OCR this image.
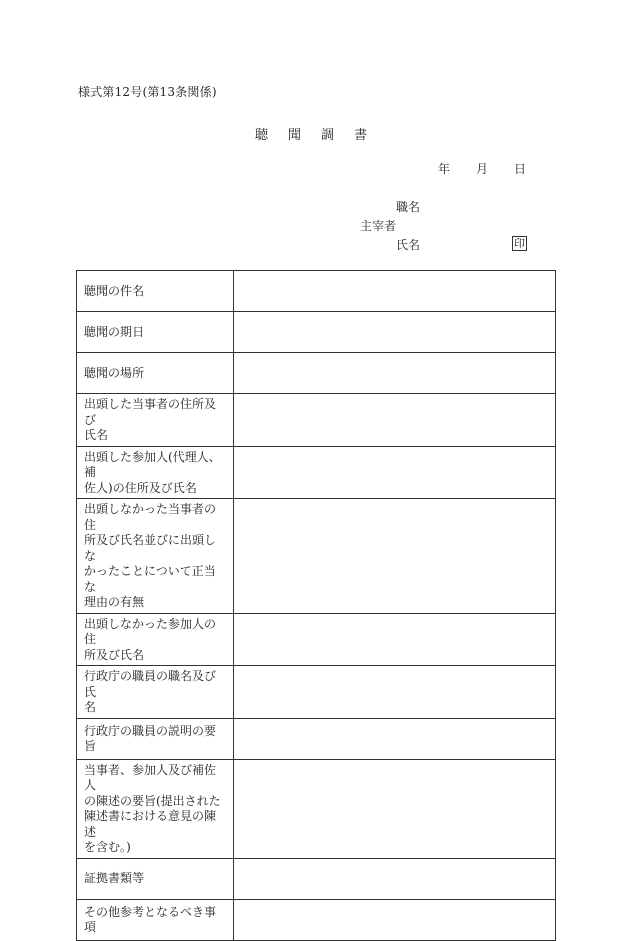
様式第12号(第13条関係)
聴 聞 調 書
年 月 日
職名
主宰者
氏名	印
聴聞の件名	

聴聞の期日	

聴聞の場所	

出頭した当事者の住所及び
氏名	

出頭した参加人(代理人、補
佐人)の住所及び氏名	

出頭しなかった当事者の住
所及び氏名並びに出頭しな
かったことについて正当な
理由の有無	

出頭しなかった参加人の住
所及び氏名	

行政庁の職員の職名及び氏
名	

行政庁の職員の説明の要旨	

当事者、参加人及び補佐人
の陳述の要旨(提出された
陳述書における意見の陳述
を含む。)	

証拠書類等	

その他参考となるべき事項	
